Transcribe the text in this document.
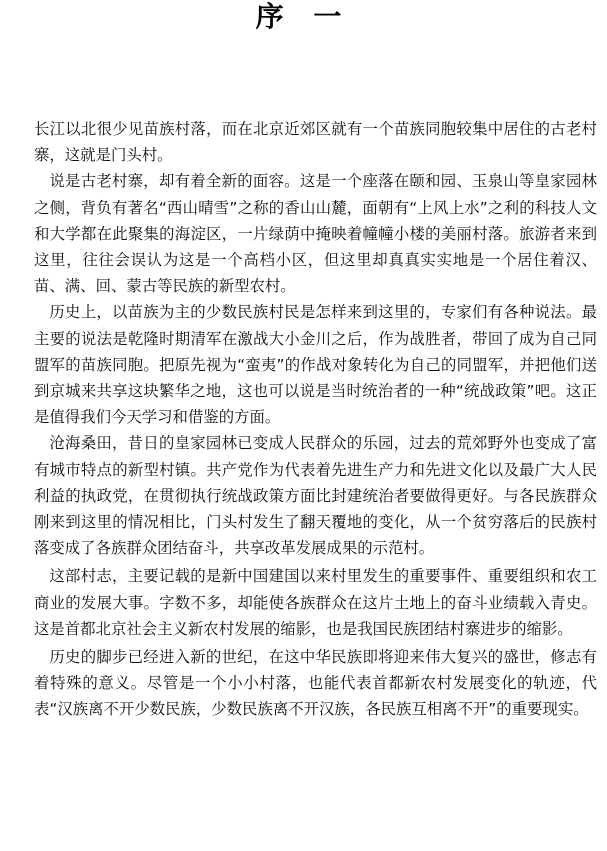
序 一

长江以北很少见苗族村落，而在北京近郊区就有一个苗族同胞较集中居住的古老村寨，这就是门头村。

说是古老村寨，却有着全新的面容。这是一个座落在颐和园、玉泉山等皇家园林之侧，背负有著名“西山晴雪”之称的香山山麓，面朝有“上风上水”之利的科技人文和大学都在此聚集的海淀区，一片绿荫中掩映着幢幢小楼的美丽村落。旅游者来到这里，往往会误认为这是一个高档小区，但这里却真真实实地是一个居住着汉、苗、满、回、蒙古等民族的新型农村。

历史上，以苗族为主的少数民族村民是怎样来到这里的，专家们有各种说法。最主要的说法是乾隆时期清军在激战大小金川之后，作为战胜者，带回了成为自己同盟军的苗族同胞。把原先视为“蛮夷”的作战对象转化为自己的同盟军，并把他们送到京城来共享这块繁华之地，这也可以说是当时统治者的一种“统战政策”吧。这正是值得我们今天学习和借鉴的方面。

沧海桑田，昔日的皇家园林已变成人民群众的乐园，过去的荒郊野外也变成了富有城市特点的新型村镇。共产党作为代表着先进生产力和先进文化以及最广大人民利益的执政党，在贯彻执行统战政策方面比封建统治者要做得更好。与各民族群众刚来到这里的情况相比，门头村发生了翻天覆地的变化，从一个贫穷落后的民族村落变成了各族群众团结奋斗，共享改革发展成果的示范村。

这部村志，主要记载的是新中国建国以来村里发生的重要事件、重要组织和农工商业的发展大事。字数不多，却能使各族群众在这片土地上的奋斗业绩载入青史。这是首都北京社会主义新农村发展的缩影，也是我国民族团结村寨进步的缩影。

历史的脚步已经进入新的世纪，在这中华民族即将迎来伟大复兴的盛世，修志有着特殊的意义。尽管是一个小小村落，也能代表首都新农村发展变化的轨迹，代表“汉族离不开少数民族，少数民族离不开汉族，各民族互相离不开”的重要现实。
